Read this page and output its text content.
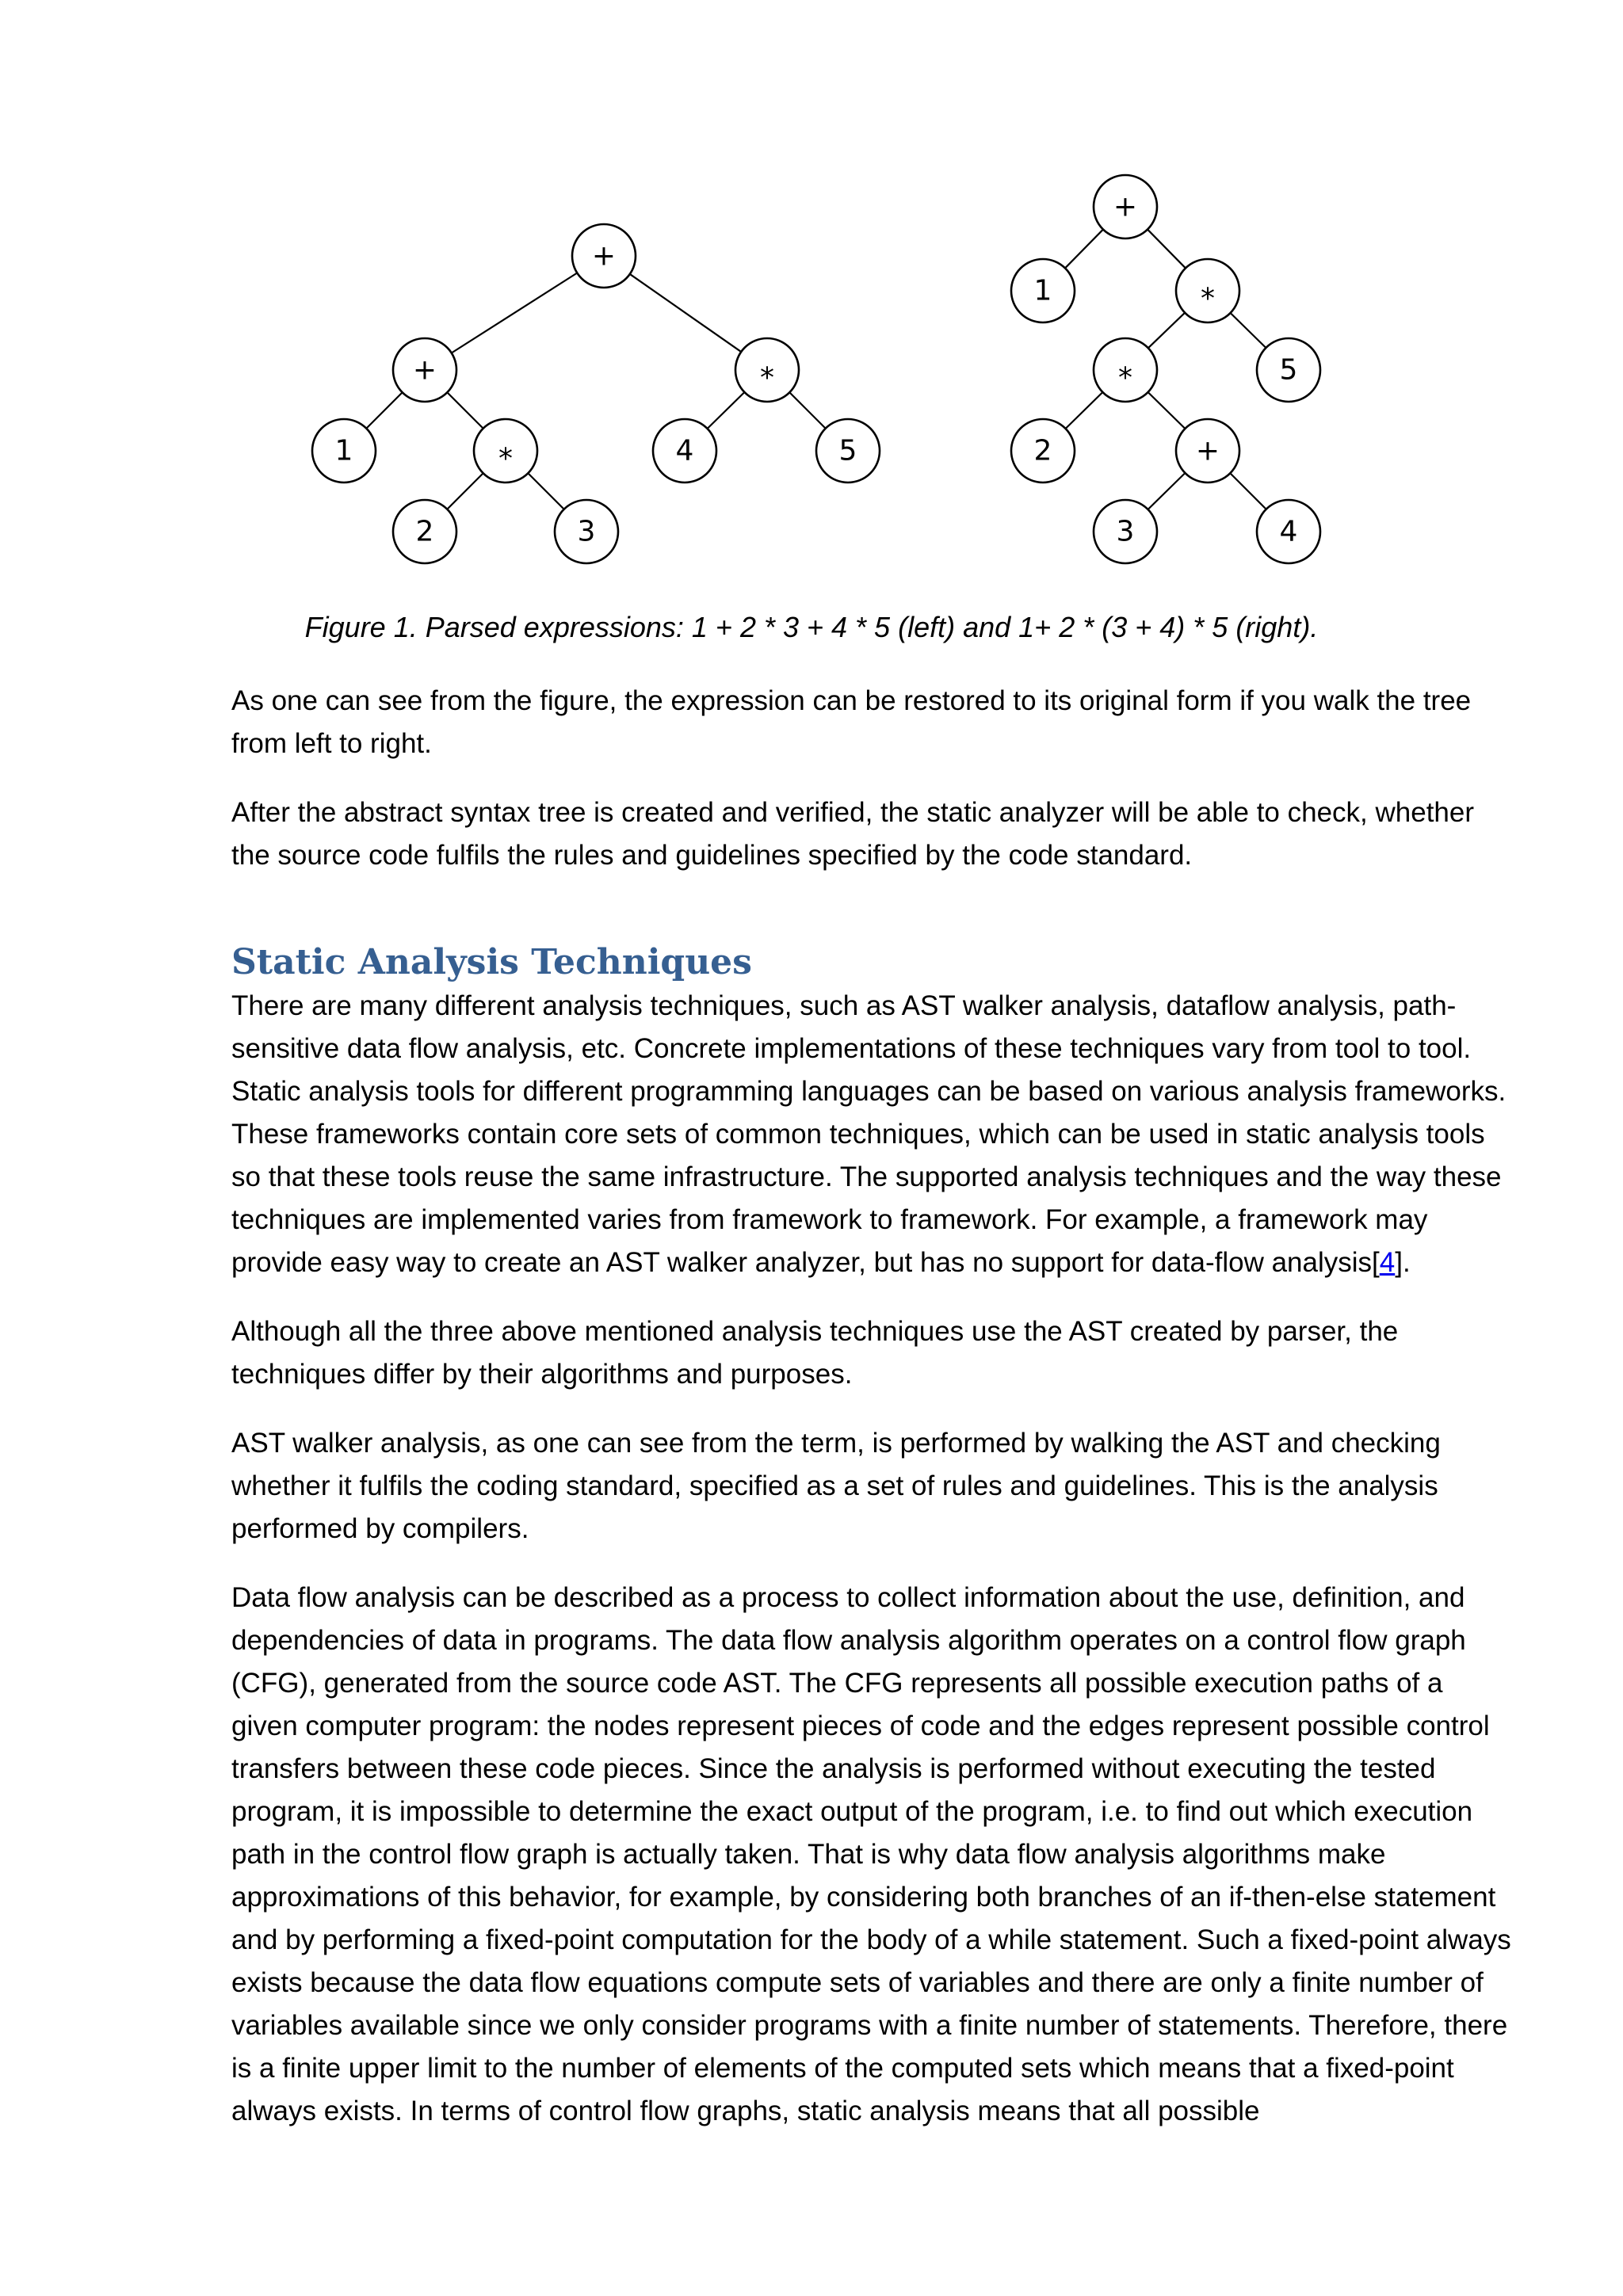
+
+	*
1	*
2	3
4	5
+
1	*
*	5
2	+
3	4

Figure 1. Parsed expressions: 1 + 2 * 3 + 4 * 5 (left) and 1+ 2 * (3 + 4) * 5 (right).

As one can see from the figure, the expression can be restored to its original form if you walk the tree from left to right.

After the abstract syntax tree is created and verified, the static analyzer will be able to check, whether the source code fulfils the rules and guidelines specified by the code standard.

Static Analysis Techniques

There are many different analysis techniques, such as AST walker analysis, dataflow analysis, path-sensitive data flow analysis, etc. Concrete implementations of these techniques vary from tool to tool. Static analysis tools for different programming languages can be based on various analysis frameworks. These frameworks contain core sets of common techniques, which can be used in static analysis tools so that these tools reuse the same infrastructure. The supported analysis techniques and the way these techniques are implemented varies from framework to framework. For example, a framework may provide easy way to create an AST walker analyzer, but has no support for data-flow analysis[4].

Although all the three above mentioned analysis techniques use the AST created by parser, the techniques differ by their algorithms and purposes.

AST walker analysis, as one can see from the term, is performed by walking the AST and checking whether it fulfils the coding standard, specified as a set of rules and guidelines. This is the analysis performed by compilers.

Data flow analysis can be described as a process to collect information about the use, definition, and dependencies of data in programs. The data flow analysis algorithm operates on a control flow graph (CFG), generated from the source code AST. The CFG represents all possible execution paths of a given computer program: the nodes represent pieces of code and the edges represent possible control transfers between these code pieces. Since the analysis is performed without executing the tested program, it is impossible to determine the exact output of the program, i.e. to find out which execution path in the control flow graph is actually taken. That is why data flow analysis algorithms make approximations of this behavior, for example, by considering both branches of an if-then-else statement and by performing a fixed-point computation for the body of a while statement. Such a fixed-point always exists because the data flow equations compute sets of variables and there are only a finite number of variables available since we only consider programs with a finite number of statements. Therefore, there is a finite upper limit to the number of elements of the computed sets which means that a fixed-point always exists. In terms of control flow graphs, static analysis means that all possible
